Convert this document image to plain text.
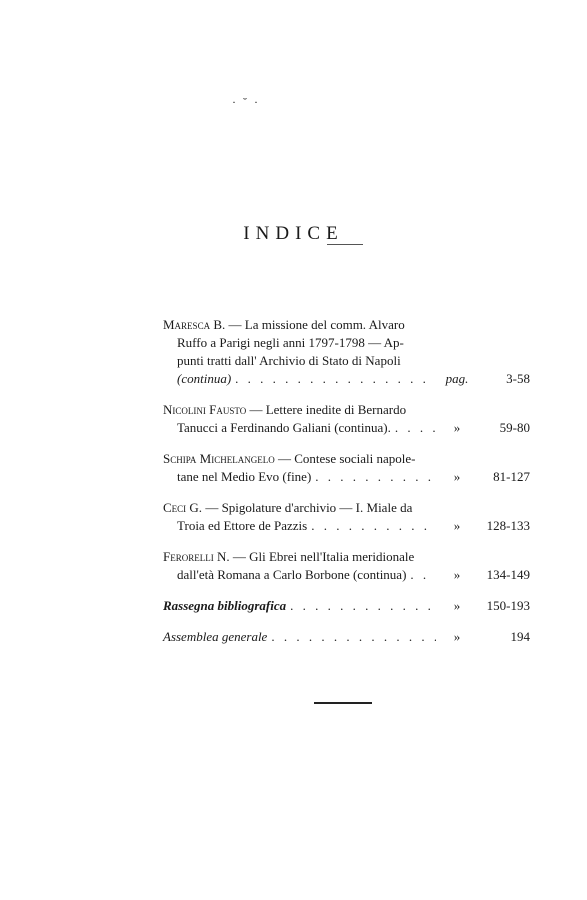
· ˘ ·
INDICE
Maresca B. — La missione del comm. Alvaro
Ruffo a Parigi negli anni 1797-1798 — Ap-
punti tratti dall' Archivio di Stato di Napoli
(continua) . . .	pag.	3-58
Nicolini Fausto — Lettere inedite di Bernardo
Tanucci a Ferdinando Galiani (continua). . . .	»	59-80
Schipa Michelangelo — Contese sociali napole-
tane nel Medio Evo (fine) . . .	»	81-127
Ceci G. — Spigolature d'archivio — I. Miale da
Troia ed Ettore de Pazzis . . .	»	128-133
Ferorelli N. — Gli Ebrei nell'Italia meridionale
dall'età Romana a Carlo Borbone (continua) . . .	»	134-149
Rassegna bibliografica . . .	»	150-193
Assemblea generale . . .	»	194
